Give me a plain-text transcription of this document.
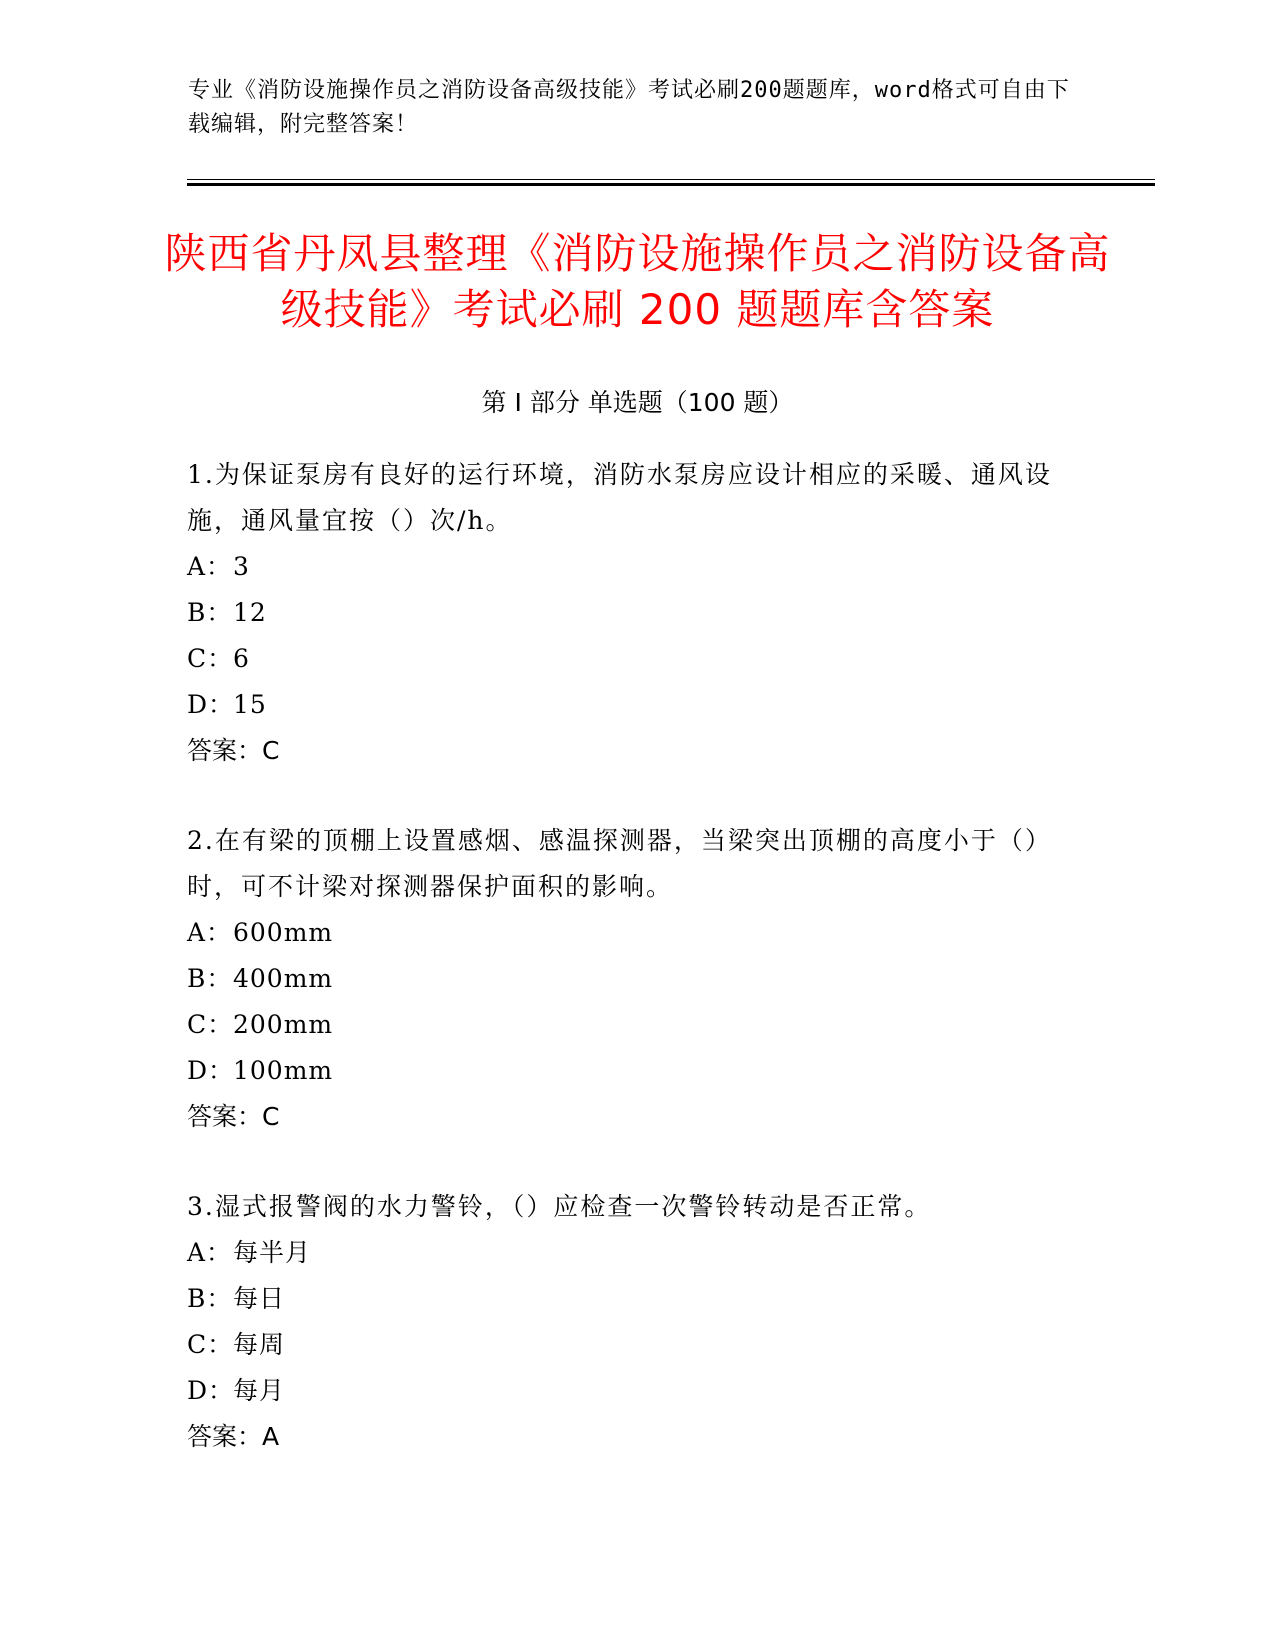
专业《消防设施操作员之消防设备高级技能》考试必刷200题题库，word格式可自由下载编辑，附完整答案！
陕西省丹凤县整理《消防设施操作员之消防设备高级技能》考试必刷 200 题题库含答案
第 I 部分 单选题（100 题）

1.为保证泵房有良好的运行环境，消防水泵房应设计相应的采暖、通风设施，通风量宜按（）次/h。

A：3

B：12

C：6

D：15

答案：C

2.在有梁的顶棚上设置感烟、感温探测器，当梁突出顶棚的高度小于（）时，可不计梁对探测器保护面积的影响。

A：600mm

B：400mm

C：200mm

D：100mm

答案：C

3.湿式报警阀的水力警铃，（）应检查一次警铃转动是否正常。

A：每半月

B：每日

C：每周

D：每月

答案：A
